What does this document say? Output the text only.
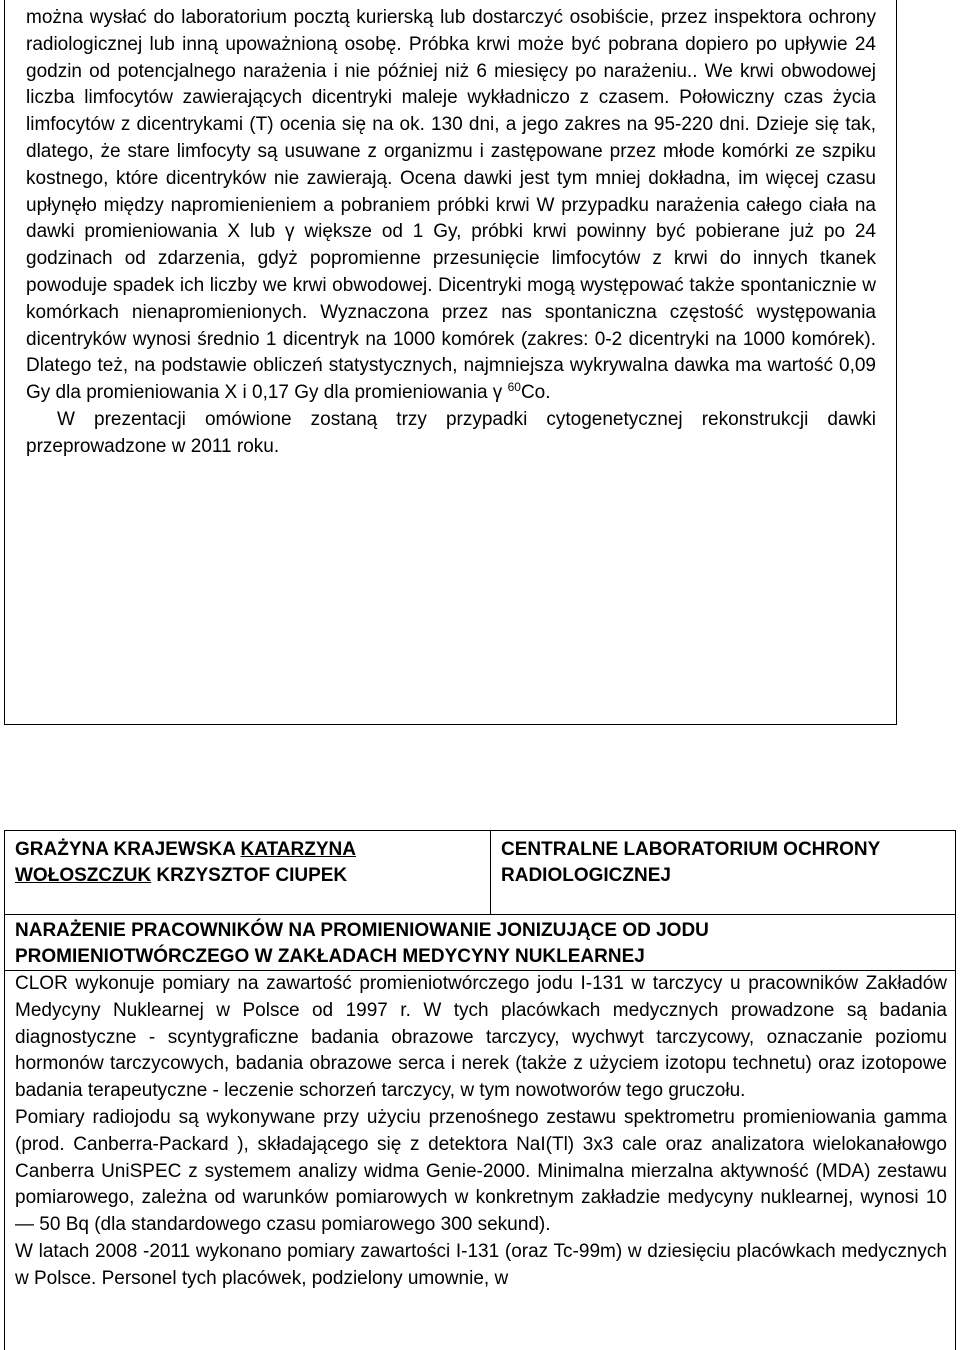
można wysłać do laboratorium pocztą kurierską lub dostarczyć osobiście, przez inspektora ochrony radiologicznej lub inną upoważnioną osobę. Próbka krwi może być pobrana dopiero po upływie 24 godzin od potencjalnego narażenia i nie później niż 6 miesięcy po narażeniu.. We krwi obwodowej liczba limfocytów zawierających dicentryki maleje wykładniczo z czasem. Połowiczny czas życia limfocytów z dicentrykami (T) ocenia się na ok. 130 dni, a jego zakres na 95-220 dni. Dzieje się tak, dlatego, że stare limfocyty są usuwane z organizmu i zastępowane przez młode komórki ze szpiku kostnego, które dicentryków nie zawierają. Ocena dawki jest tym mniej dokładna, im więcej czasu upłynęło między napromienieniem a pobraniem próbki krwi W przypadku narażenia całego ciała na dawki promieniowania X lub γ większe od 1 Gy, próbki krwi powinny być pobierane już po 24 godzinach od zdarzenia, gdyż popromienne przesunięcie limfocytów z krwi do innych tkanek powoduje spadek ich liczby we krwi obwodowej. Dicentryki mogą występować także spontanicznie w komórkach nienapromienionych. Wyznaczona przez nas spontaniczna częstość występowania dicentryków wynosi średnio 1 dicentryk na 1000 komórek (zakres: 0-2 dicentryki na 1000 komórek). Dlatego też, na podstawie obliczeń statystycznych, najmniejsza wykrywalna dawka ma wartość 0,09 Gy dla promieniowania X i 0,17 Gy dla promieniowania γ $^{60}$Co.

W prezentacji omówione zostaną trzy przypadki cytogenetycznej rekonstrukcji dawki przeprowadzone w 2011 roku.

GRAŻYNA KRAJEWSKA KATARZYNA WOŁOSZCZUK KRZYSZTOF CIUPEK
CENTRALNE LABORATORIUM OCHRONY RADIOLOGICZNEJ
NARAŻENIE PRACOWNIKÓW NA PROMIENIOWANIE JONIZUJĄCE OD JODU PROMIENIOTWÓRCZEGO W ZAKŁADACH MEDYCYNY NUKLEARNEJ

CLOR wykonuje pomiary na zawartość promieniotwórczego jodu I-131 w tarczycy u pracowników Zakładów Medycyny Nuklearnej w Polsce od 1997 r. W tych placówkach medycznych prowadzone są badania diagnostyczne - scyntygraficzne badania obrazowe tarczycy, wychwyt tarczycowy, oznaczanie poziomu hormonów tarczycowych, badania obrazowe serca i nerek (także z użyciem izotopu technetu) oraz izotopowe badania terapeutyczne - leczenie schorzeń tarczycy, w tym nowotworów tego gruczołu.

Pomiary radiojodu są wykonywane przy użyciu przenośnego zestawu spektrometru promieniowania gamma (prod. Canberra-Packard ), składającego się z detektora NaI(Tl) 3x3 cale oraz analizatora wielokanałowgo Canberra UniSPEC z systemem analizy widma Genie-2000. Minimalna mierzalna aktywność (MDA) zestawu pomiarowego, zależna od warunków pomiarowych w konkretnym zakładzie medycyny nuklearnej, wynosi 10 — 50 Bq (dla standardowego czasu pomiarowego 300 sekund).

W latach 2008 -2011 wykonano pomiary zawartości I-131 (oraz Tc-99m) w dziesięciu placówkach medycznych w Polsce. Personel tych placówek, podzielony umownie, w
